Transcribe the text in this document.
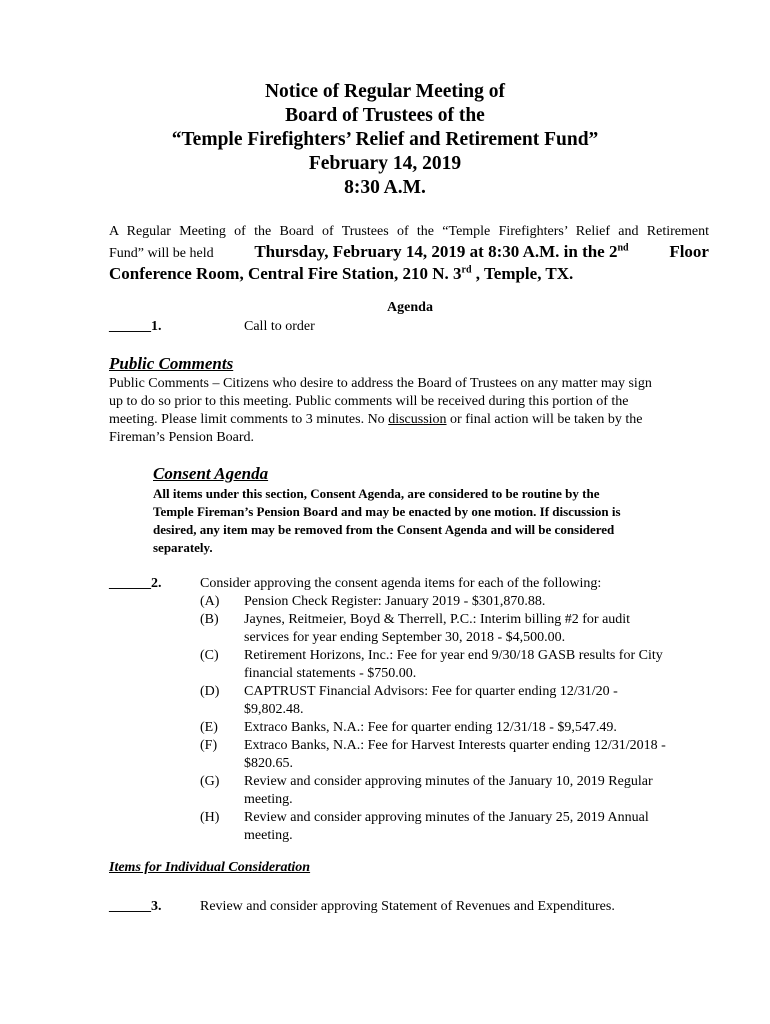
Notice of Regular Meeting of
Board of Trustees of the
“Temple Firefighters’ Relief and Retirement Fund”
February 14, 2019
8:30 A.M.
A Regular Meeting of the Board of Trustees of the “Temple Firefighters’ Relief and Retirement
Fund” will be held Thursday, February 14, 2019 at 8:30 A.M. in the 2nd Floor
Conference Room, Central Fire Station, 210 N. 3rd , Temple, TX.
Agenda
______1.	Call to order
Public Comments
Public Comments – Citizens who desire to address the Board of Trustees on any matter may sign
up to do so prior to this meeting. Public comments will be received during this portion of the
meeting. Please limit comments to 3 minutes. No discussion or final action will be taken by the
Fireman’s Pension Board.
Consent Agenda
All items under this section, Consent Agenda, are considered to be routine by the
Temple Fireman’s Pension Board and may be enacted by one motion. If discussion is
desired, any item may be removed from the Consent Agenda and will be considered
separately.
______2.	Consider approving the consent agenda items for each of the following:
(A)	Pension Check Register: January 2019 - $301,870.88.
(B)	Jaynes, Reitmeier, Boyd & Therrell, P.C.: Interim billing #2 for audit
services for year ending September 30, 2018 - $4,500.00.
(C)	Retirement Horizons, Inc.: Fee for year end 9/30/18 GASB results for City
financial statements - $750.00.
(D)	CAPTRUST Financial Advisors: Fee for quarter ending 12/31/20 -
$9,802.48.
(E)	Extraco Banks, N.A.: Fee for quarter ending 12/31/18 - $9,547.49.
(F)	Extraco Banks, N.A.: Fee for Harvest Interests quarter ending 12/31/2018 -
$820.65.
(G)	Review and consider approving minutes of the January 10, 2019 Regular
meeting.
(H)	Review and consider approving minutes of the January 25, 2019 Annual
meeting.
Items for Individual Consideration
______3.	Review and consider approving Statement of Revenues and Expenditures.
